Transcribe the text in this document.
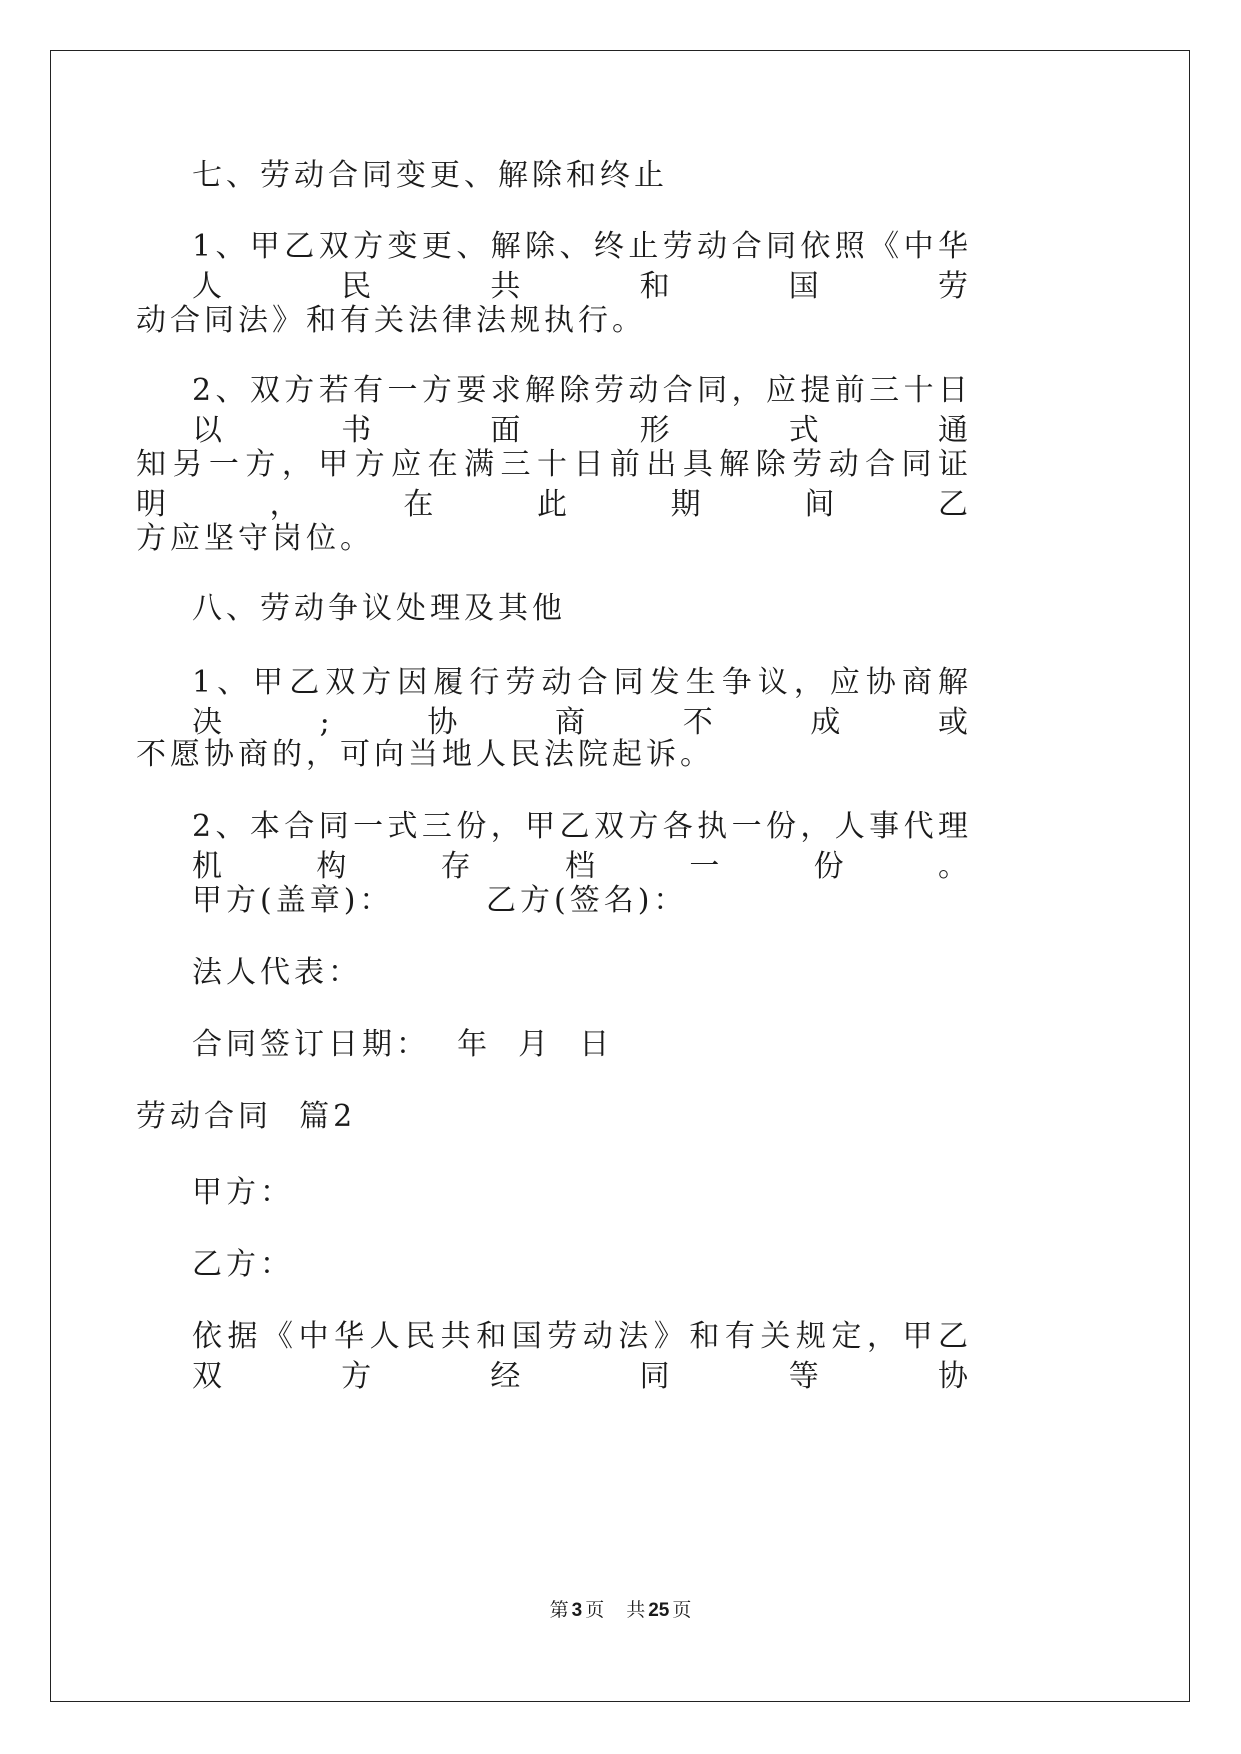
七、劳动合同变更、解除和终止
1、甲乙双方变更、解除、终止劳动合同依照《中华人民共和国劳
动合同法》和有关法律法规执行。
2、双方若有一方要求解除劳动合同，应提前三十日以书面形式通
知另一方，甲方应在满三十日前出具解除劳动合同证明，在此期间乙
方应坚守岗位。
八、劳动争议处理及其他
1、甲乙双方因履行劳动合同发生争议，应协商解决;协商不成或
不愿协商的，可向当地人民法院起诉。
2、本合同一式三份，甲乙双方各执一份，人事代理机构存档一份。
甲方(盖章)：	乙方(签名)：
法人代表：
合同签订日期：  年  月  日
劳动合同  篇2
甲方：
乙方：
依据《中华人民共和国劳动法》和有关规定，甲乙双方经同等协
第 3 页 共 25 页
